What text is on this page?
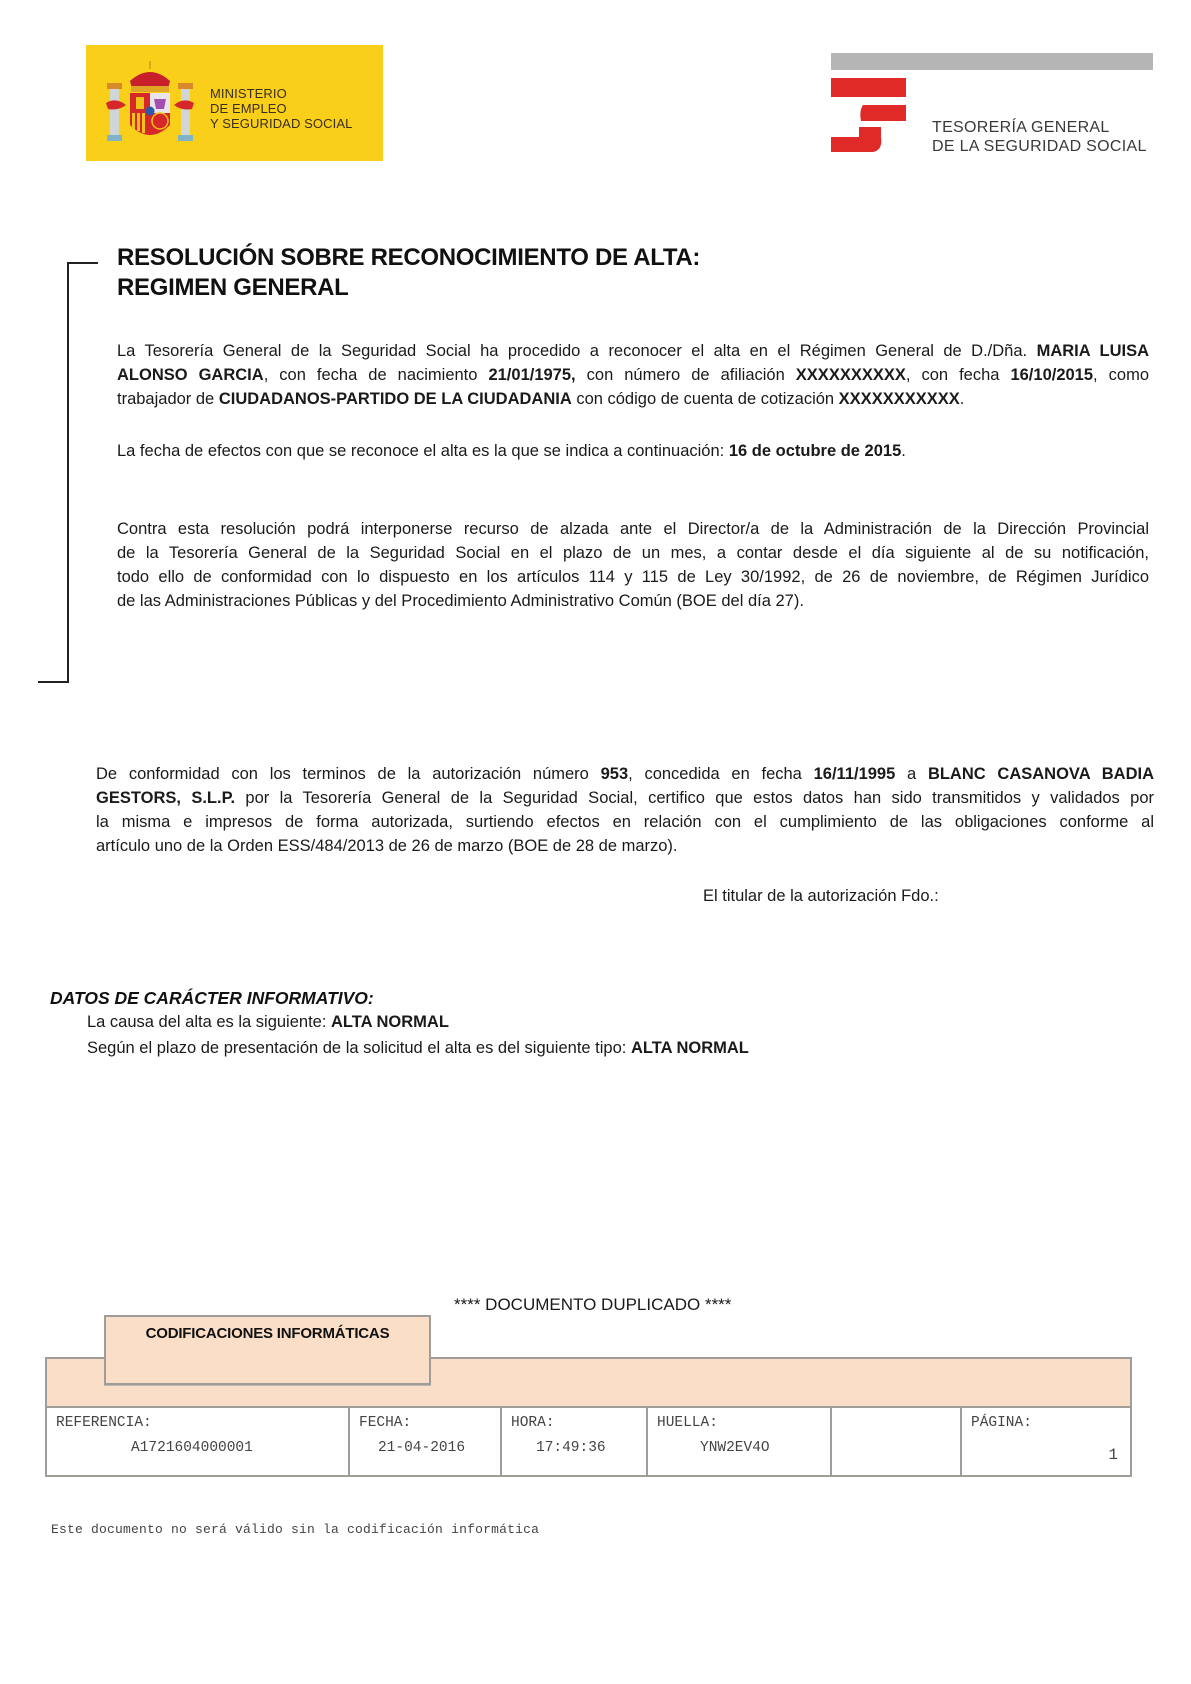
MINISTERIO
DE EMPLEO
Y SEGURIDAD SOCIAL	TESORERÍA GENERAL
DE LA SEGURIDAD SOCIAL
RESOLUCIÓN SOBRE RECONOCIMIENTO DE ALTA:
REGIMEN GENERAL
La Tesorería General de la Seguridad Social ha procedido a reconocer el alta en el Régimen General de D./Dña. MARIA LUISA
ALONSO GARCIA, con fecha de nacimiento 21/01/1975, con número de afiliación XXXXXXXXXX, con fecha 16/10/2015, como
trabajador de CIUDADANOS-PARTIDO DE LA CIUDADANIA con código de cuenta de cotización XXXXXXXXXXX.
La fecha de efectos con que se reconoce el alta es la que se indica a continuación: 16 de octubre de 2015.
Contra esta resolución podrá interponerse recurso de alzada ante el Director/a de la Administración de la Dirección Provincial
de la Tesorería General de la Seguridad Social en el plazo de un mes, a contar desde el día siguiente al de su notificación,
todo ello de conformidad con lo dispuesto en los artículos 114 y 115 de Ley 30/1992, de 26 de noviembre, de Régimen Jurídico
de las Administraciones Públicas y del Procedimiento Administrativo Común (BOE del día 27).
De conformidad con los terminos de la autorización número 953, concedida en fecha 16/11/1995 a BLANC CASANOVA BADIA
GESTORS, S.L.P. por la Tesorería General de la Seguridad Social, certifico que estos datos han sido transmitidos y validados por
la misma e impresos de forma autorizada, surtiendo efectos en relación con el cumplimiento de las obligaciones conforme al
artículo uno de la Orden ESS/484/2013 de 26 de marzo (BOE de 28 de marzo).
El titular de la autorización Fdo.:
DATOS DE CARÁCTER INFORMATIVO:
La causa del alta es la siguiente: ALTA NORMAL
Según el plazo de presentación de la solicitud el alta es del siguiente tipo: ALTA NORMAL
**** DOCUMENTO DUPLICADO ****
CODIFICACIONES INFORMÁTICAS
REFERENCIA:
A1721604000001
FECHA:
21-04-2016
HORA:
17:49:36
HUELLA:
YNW2EV4O
PÁGINA:
1
Este documento no será válido sin la codificación informática
